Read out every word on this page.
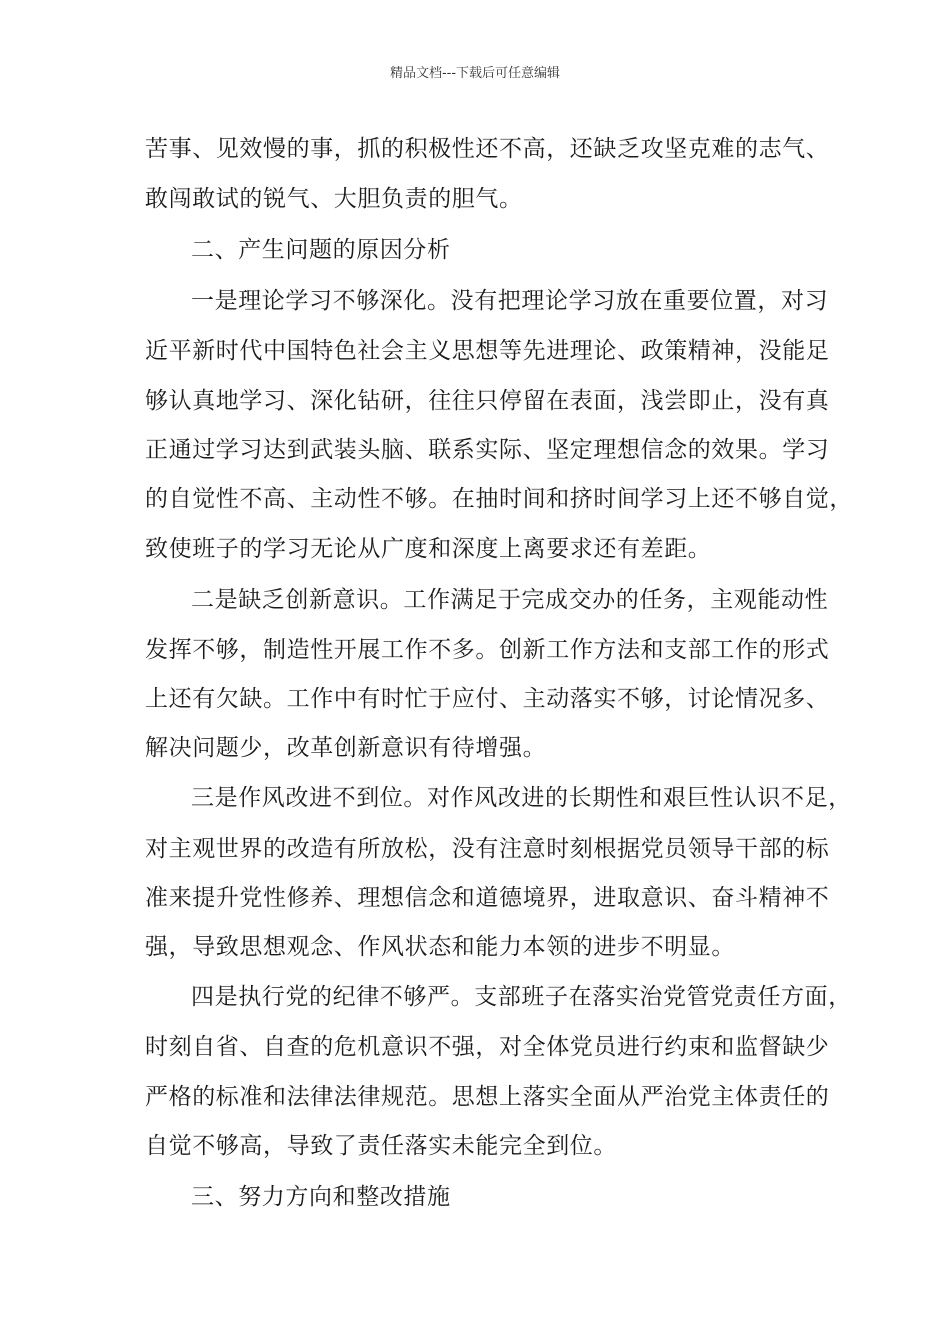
精品文档---下载后可任意编辑
苦事、见效慢的事，抓的积极性还不高，还缺乏攻坚克难的志气、
敢闯敢试的锐气、大胆负责的胆气。
二、产生问题的原因分析
一是理论学习不够深化。没有把理论学习放在重要位置，对习
近平新时代中国特色社会主义思想等先进理论、政策精神，没能足
够认真地学习、深化钻研，往往只停留在表面，浅尝即止，没有真
正通过学习达到武装头脑、联系实际、坚定理想信念的效果。学习
的自觉性不高、主动性不够。在抽时间和挤时间学习上还不够自觉，
致使班子的学习无论从广度和深度上离要求还有差距。
二是缺乏创新意识。工作满足于完成交办的任务，主观能动性
发挥不够，制造性开展工作不多。创新工作方法和支部工作的形式
上还有欠缺。工作中有时忙于应付、主动落实不够，讨论情况多、
解决问题少，改革创新意识有待增强。
三是作风改进不到位。对作风改进的长期性和艰巨性认识不足，
对主观世界的改造有所放松，没有注意时刻根据党员领导干部的标
准来提升党性修养、理想信念和道德境界，进取意识、奋斗精神不
强，导致思想观念、作风状态和能力本领的进步不明显。
四是执行党的纪律不够严。支部班子在落实治党管党责任方面，
时刻自省、自查的危机意识不强，对全体党员进行约束和监督缺少
严格的标准和法律法律规范。思想上落实全面从严治党主体责任的
自觉不够高，导致了责任落实未能完全到位。
三、努力方向和整改措施
